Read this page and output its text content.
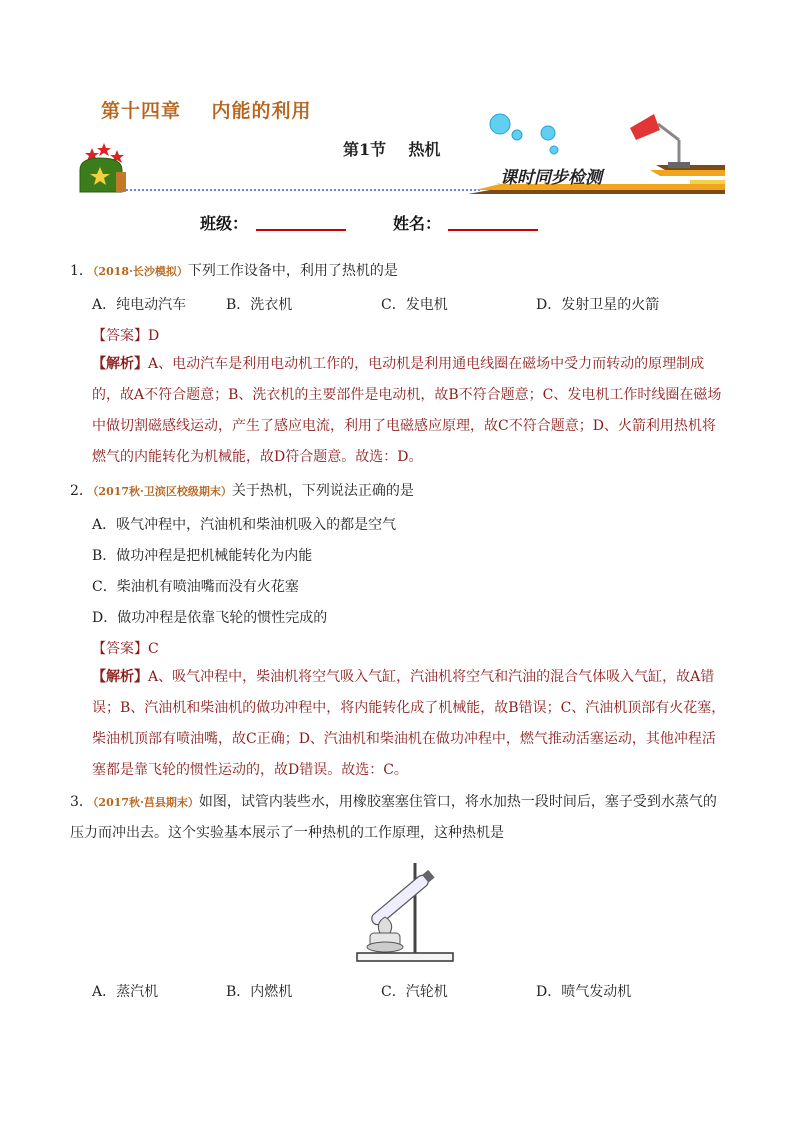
第十四章    内能的利用
第1节    热机
课时同步检测
班级：	姓名：
1．（2018·长沙模拟）下列工作设备中，利用了热机的是
A．纯电动汽车	B．洗衣机	C．发电机	D．发射卫星的火箭
【答案】D
【解析】A、电动汽车是利用电动机工作的，电动机是利用通电线圈在磁场中受力而转动的原理制成的，故A不符合题意；B、洗衣机的主要部件是电动机，故B不符合题意；C、发电机工作时线圈在磁场中做切割磁感线运动，产生了感应电流，利用了电磁感应原理，故C不符合题意；D、火箭利用热机将燃气的内能转化为机械能，故D符合题意。故选：D。
2．（2017秋·卫滨区校级期末）关于热机，下列说法正确的是
A．吸气冲程中，汽油机和柴油机吸入的都是空气
B．做功冲程是把机械能转化为内能
C．柴油机有喷油嘴而没有火花塞
D．做功冲程是依靠飞轮的惯性完成的
【答案】C
【解析】A、吸气冲程中，柴油机将空气吸入气缸，汽油机将空气和汽油的混合气体吸入气缸，故A错误；B、汽油机和柴油机的做功冲程中，将内能转化成了机械能，故B错误；C、汽油机顶部有火花塞，柴油机顶部有喷油嘴，故C正确；D、汽油机和柴油机在做功冲程中，燃气推动活塞运动，其他冲程活塞都是靠飞轮的惯性运动的，故D错误。故选：C。
3．（2017秋·莒县期末）如图，试管内装些水，用橡胶塞塞住管口，将水加热一段时间后，塞子受到水蒸气的压力而冲出去。这个实验基本展示了一种热机的工作原理，这种热机是
A．蒸汽机	B．内燃机	C．汽轮机	D．喷气发动机
